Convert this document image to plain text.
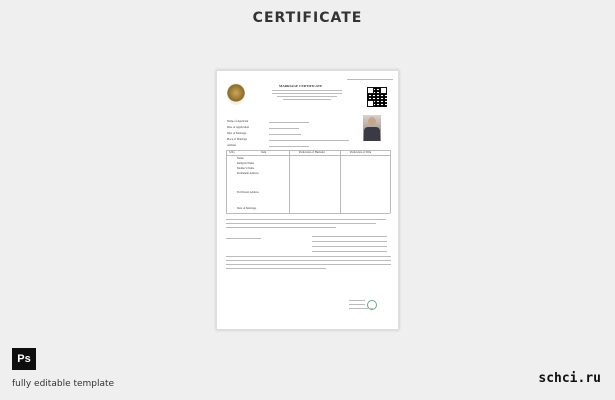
CERTIFICATE
MARRIAGE CERTIFICATE
Name of Applicant
Date of Application
Date of Marriage
Place of Marriage
Address
S.No	Item	Particulars of Husband	Particulars of Wife
Name
Religion Name
Mother's Name
Permanent Address
Full Postal Address
Date of Marriage
Ps
fully editable template	schci.ru
